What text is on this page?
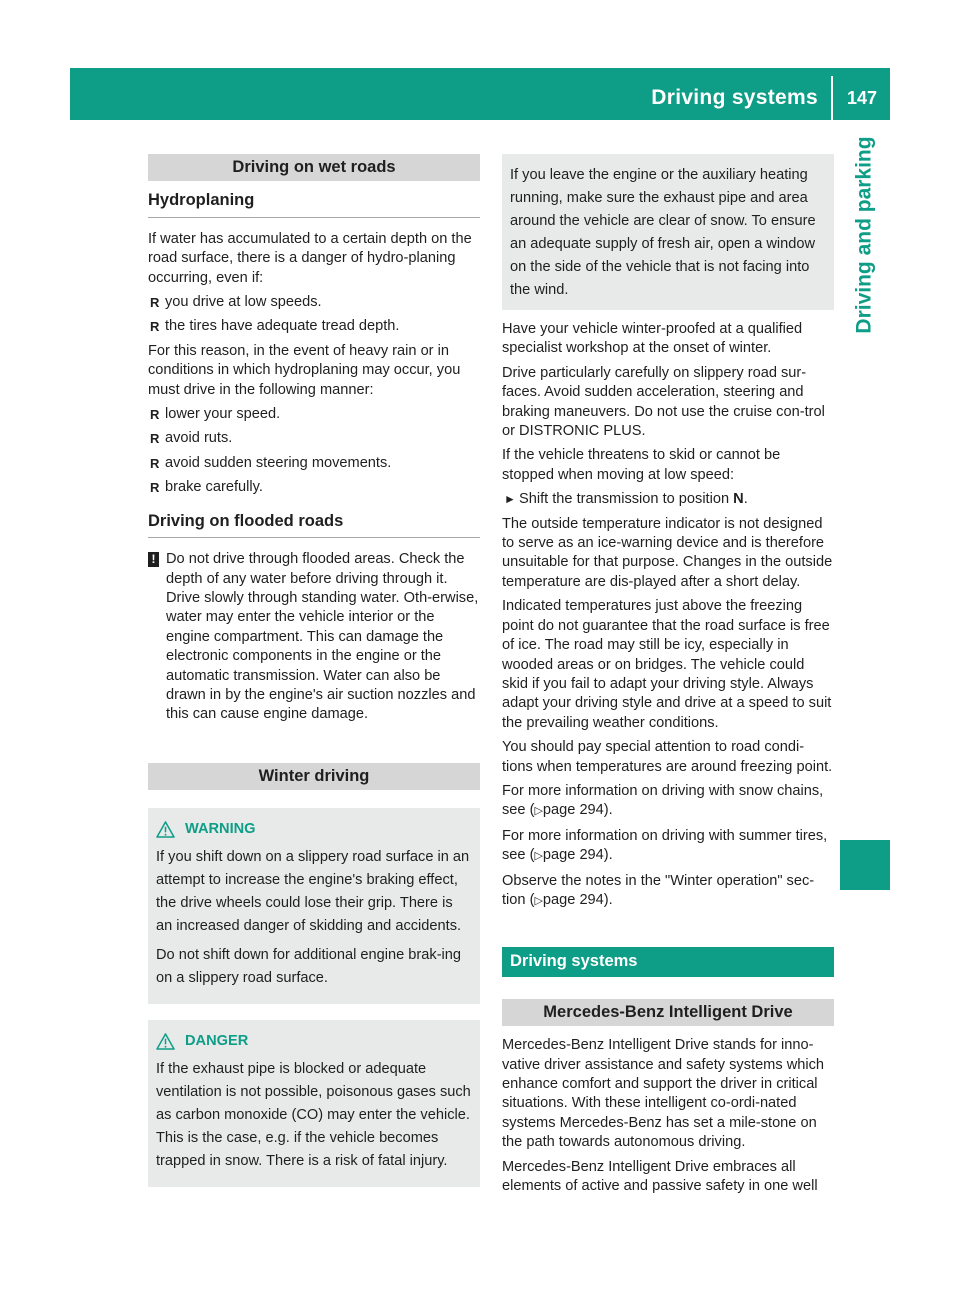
Driving systems 147
Driving and parking
Driving on wet roads
Hydroplaning

If water has accumulated to a certain depth on the road surface, there is a danger of hydro-planing occurring, even if:

R you drive at low speeds.
R the tires have adequate tread depth.

For this reason, in the event of heavy rain or in conditions in which hydroplaning may occur, you must drive in the following manner:

R lower your speed.
R avoid ruts.
R avoid sudden steering movements.
R brake carefully.
Driving on flooded roads
! Do not drive through flooded areas. Check the depth of any water before driving through it. Drive slowly through standing water. Oth-erwise, water may enter the vehicle interior or the engine compartment. This can damage the electronic components in the engine or the automatic transmission. Water can also be drawn in by the engine's air suction nozzles and this can cause engine damage.
Winter driving
WARNING

If you shift down on a slippery road surface in an attempt to increase the engine's braking effect, the drive wheels could lose their grip. There is an increased danger of skidding and accidents.

Do not shift down for additional engine brak-ing on a slippery road surface.

DANGER

If the exhaust pipe is blocked or adequate ventilation is not possible, poisonous gases such as carbon monoxide (CO) may enter the vehicle. This is the case, e.g. if the vehicle becomes trapped in snow. There is a risk of fatal injury.

If you leave the engine or the auxiliary heating running, make sure the exhaust pipe and area around the vehicle are clear of snow. To ensure an adequate supply of fresh air, open a window on the side of the vehicle that is not facing into the wind.

Have your vehicle winter-proofed at a qualified specialist workshop at the onset of winter.

Drive particularly carefully on slippery road sur-faces. Avoid sudden acceleration, steering and braking maneuvers. Do not use the cruise con-trol or DISTRONIC PLUS.

If the vehicle threatens to skid or cannot be stopped when moving at low speed:

► Shift the transmission to position N.

The outside temperature indicator is not designed to serve as an ice-warning device and is therefore unsuitable for that purpose. Changes in the outside temperature are dis-played after a short delay.

Indicated temperatures just above the freezing point do not guarantee that the road surface is free of ice. The road may still be icy, especially in wooded areas or on bridges. The vehicle could skid if you fail to adapt your driving style. Always adapt your driving style and drive at a speed to suit the prevailing weather conditions.

You should pay special attention to road condi-tions when temperatures are around freezing point.

For more information on driving with snow chains, see (▷page 294).

For more information on driving with summer tires, see (▷page 294).

Observe the notes in the "Winter operation" sec-tion (▷page 294).

Driving systems
Mercedes-Benz Intelligent Drive

Mercedes-Benz Intelligent Drive stands for inno-vative driver assistance and safety systems which enhance comfort and support the driver in critical situations. With these intelligent co-ordi-nated systems Mercedes-Benz has set a mile-stone on the path towards autonomous driving.

Mercedes-Benz Intelligent Drive embraces all elements of active and passive safety in one well
